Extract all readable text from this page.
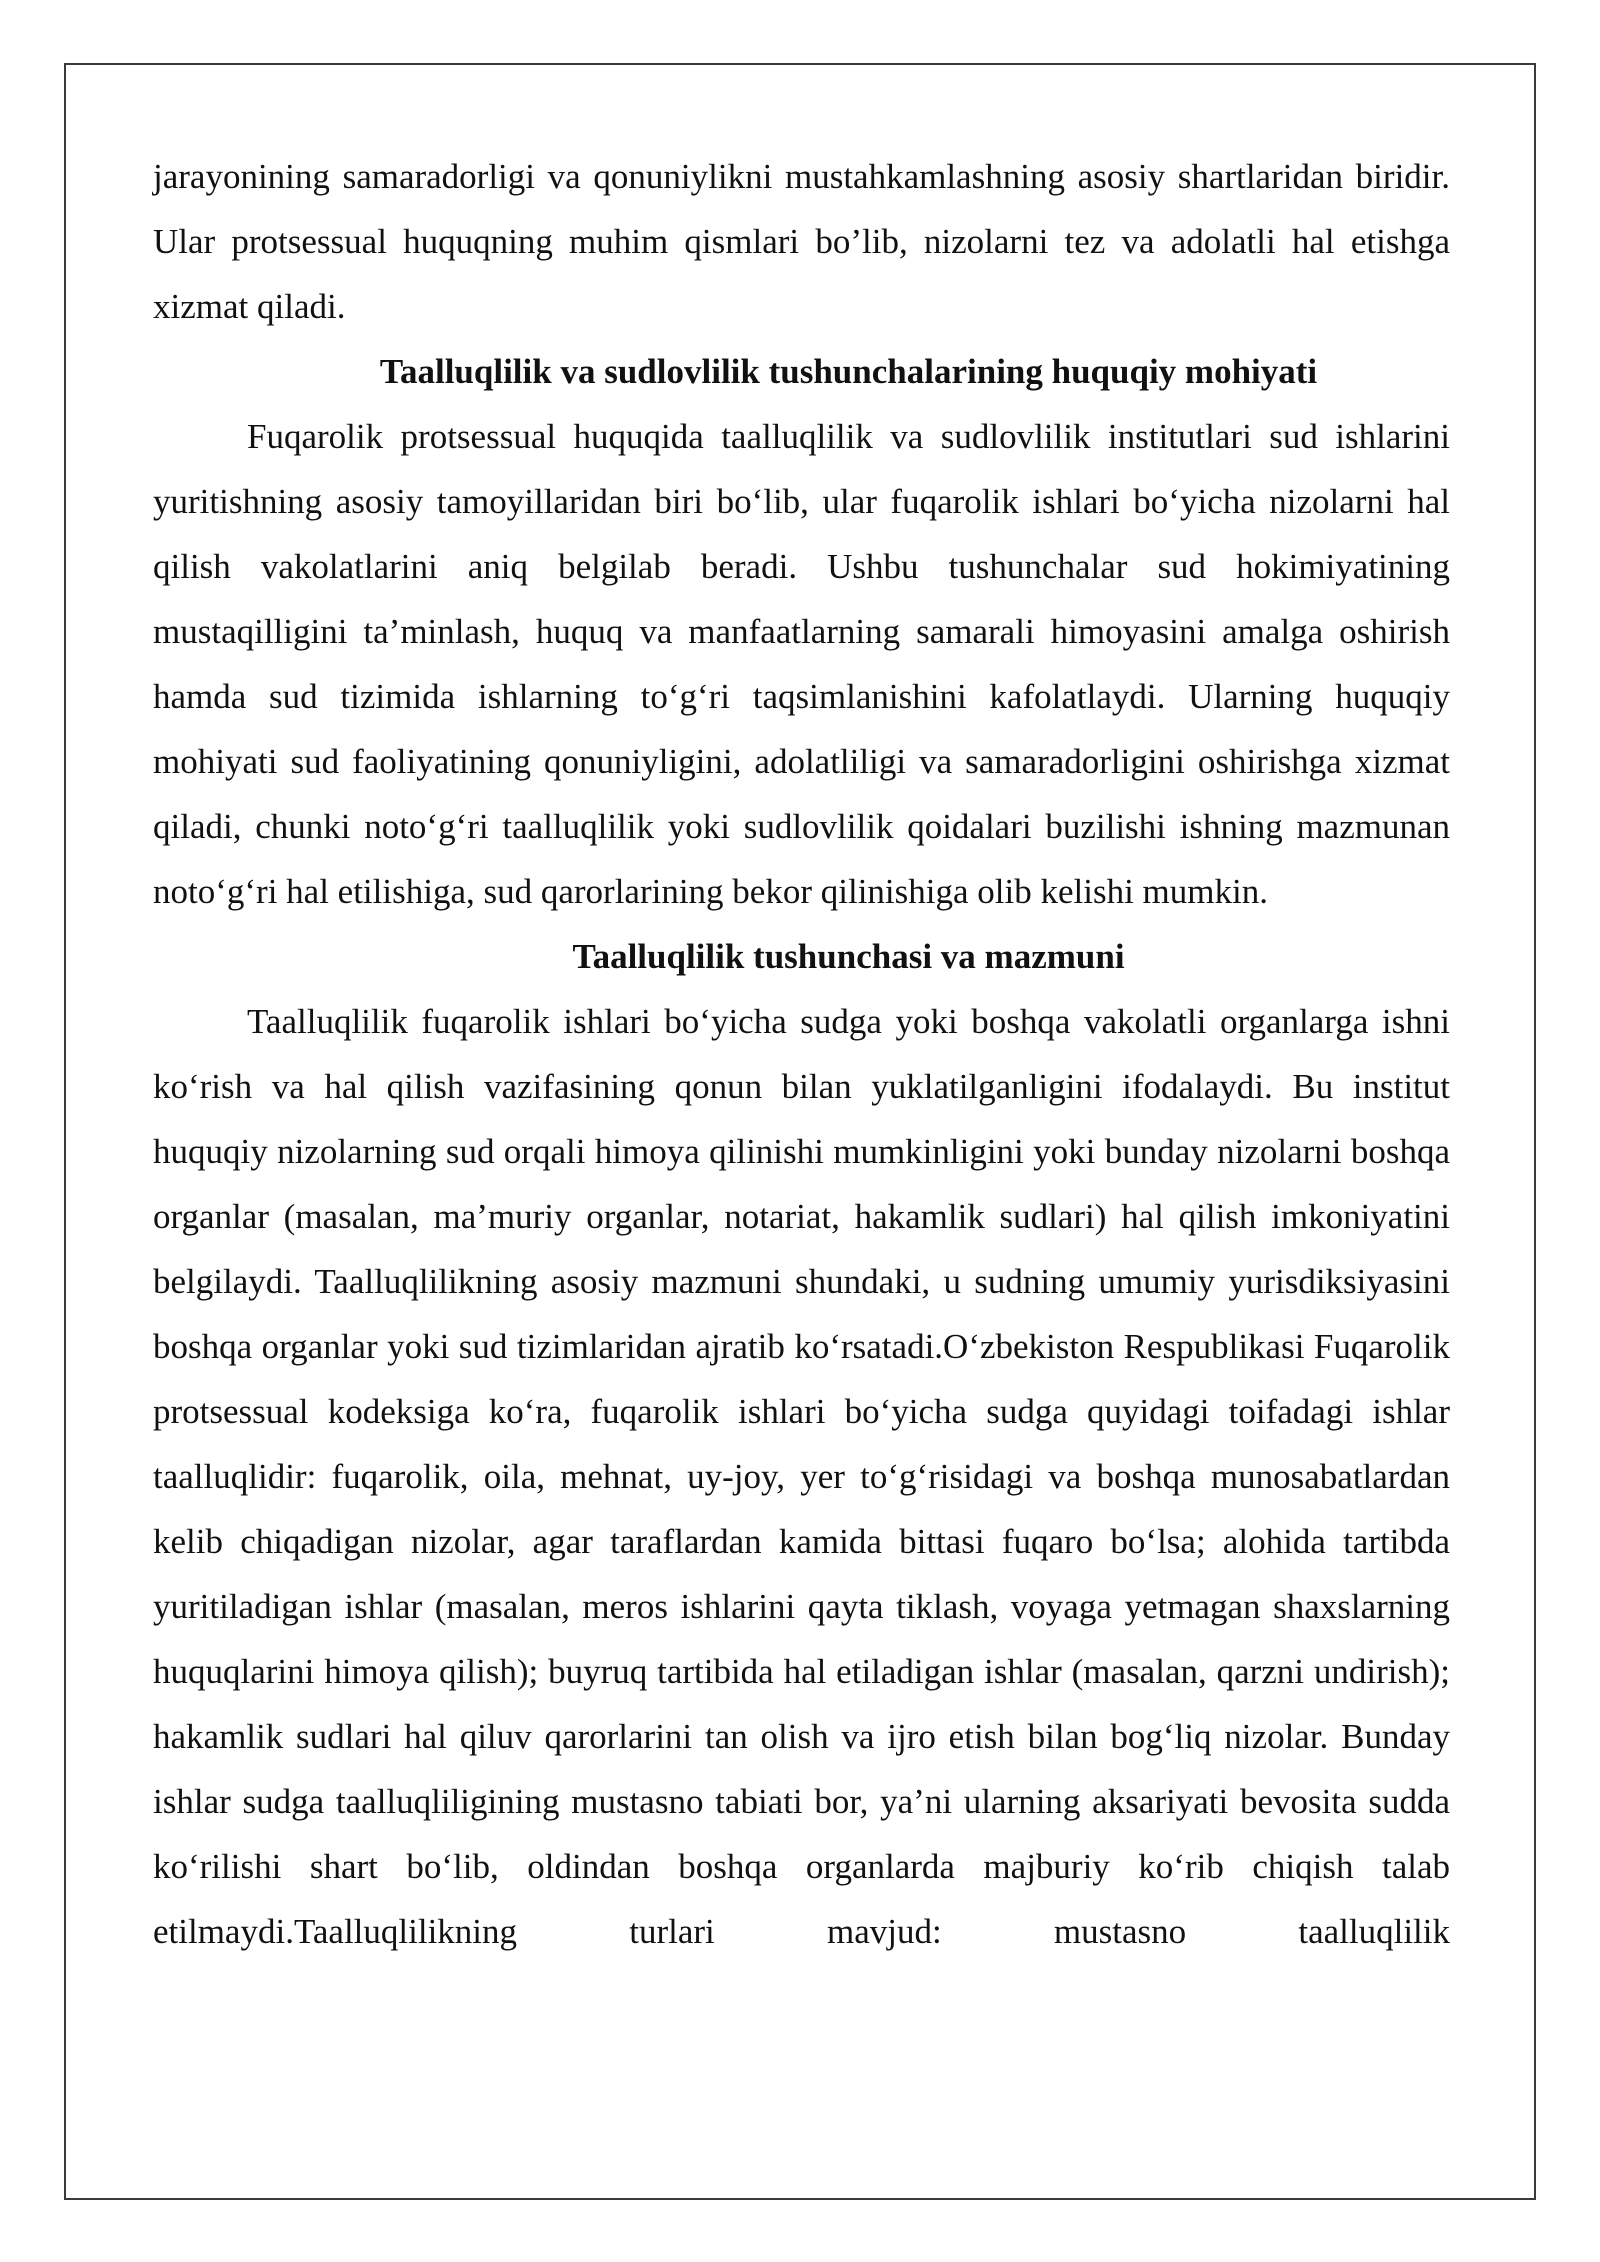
jarayonining samaradorligi va qonuniylikni mustahkamlashning asosiy shartlaridan biridir. Ular protsessual huquqning muhim qismlari bo’lib, nizolarni tez va adolatli hal etishga xizmat qiladi.

Taalluqlilik va sudlovlilik tushunchalarining huquqiy mohiyati

Fuqarolik protsessual huquqida taalluqlilik va sudlovlilik institutlari sud ishlarini yuritishning asosiy tamoyillaridan biri bo‘lib, ular fuqarolik ishlari bo‘yicha nizolarni hal qilish vakolatlarini aniq belgilab beradi. Ushbu tushunchalar sud hokimiyatining mustaqilligini ta’minlash, huquq va manfaatlarning samarali himoyasini amalga oshirish hamda sud tizimida ishlarning to‘g‘ri taqsimlanishini kafolatlaydi. Ularning huquqiy mohiyati sud faoliyatining qonuniyligini, adolatliligi va samaradorligini oshirishga xizmat qiladi, chunki noto‘g‘ri taalluqlilik yoki sudlovlilik qoidalari buzilishi ishning mazmunan noto‘g‘ri hal etilishiga, sud qarorlarining bekor qilinishiga olib kelishi mumkin.

Taalluqlilik tushunchasi va mazmuni

Taalluqlilik fuqarolik ishlari bo‘yicha sudga yoki boshqa vakolatli organlarga ishni ko‘rish va hal qilish vazifasining qonun bilan yuklatilganligini ifodalaydi. Bu institut huquqiy nizolarning sud orqali himoya qilinishi mumkinligini yoki bunday nizolarni boshqa organlar (masalan, ma’muriy organlar, notariat, hakamlik sudlari) hal qilish imkoniyatini belgilaydi. Taalluqlilikning asosiy mazmuni shundaki, u sudning umumiy yurisdiksiyasini boshqa organlar yoki sud tizimlaridan ajratib ko‘rsatadi.O‘zbekiston Respublikasi Fuqarolik protsessual kodeksiga ko‘ra, fuqarolik ishlari bo‘yicha sudga quyidagi toifadagi ishlar taalluqlidir: fuqarolik, oila, mehnat, uy-joy, yer to‘g‘risidagi va boshqa munosabatlardan kelib chiqadigan nizolar, agar taraflardan kamida bittasi fuqaro bo‘lsa; alohida tartibda yuritiladigan ishlar (masalan, meros ishlarini qayta tiklash, voyaga yetmagan shaxslarning huquqlarini himoya qilish); buyruq tartibida hal etiladigan ishlar (masalan, qarzni undirish); hakamlik sudlari hal qiluv qarorlarini tan olish va ijro etish bilan bog‘liq nizolar. Bunday ishlar sudga taalluqliligining mustasno tabiati bor, ya’ni ularning aksariyati bevosita sudda ko‘rilishi shart bo‘lib, oldindan boshqa organlarda majburiy ko‘rib chiqish talab etilmaydi.Taalluqlilikning turlari mavjud: mustasno taalluqlilik
